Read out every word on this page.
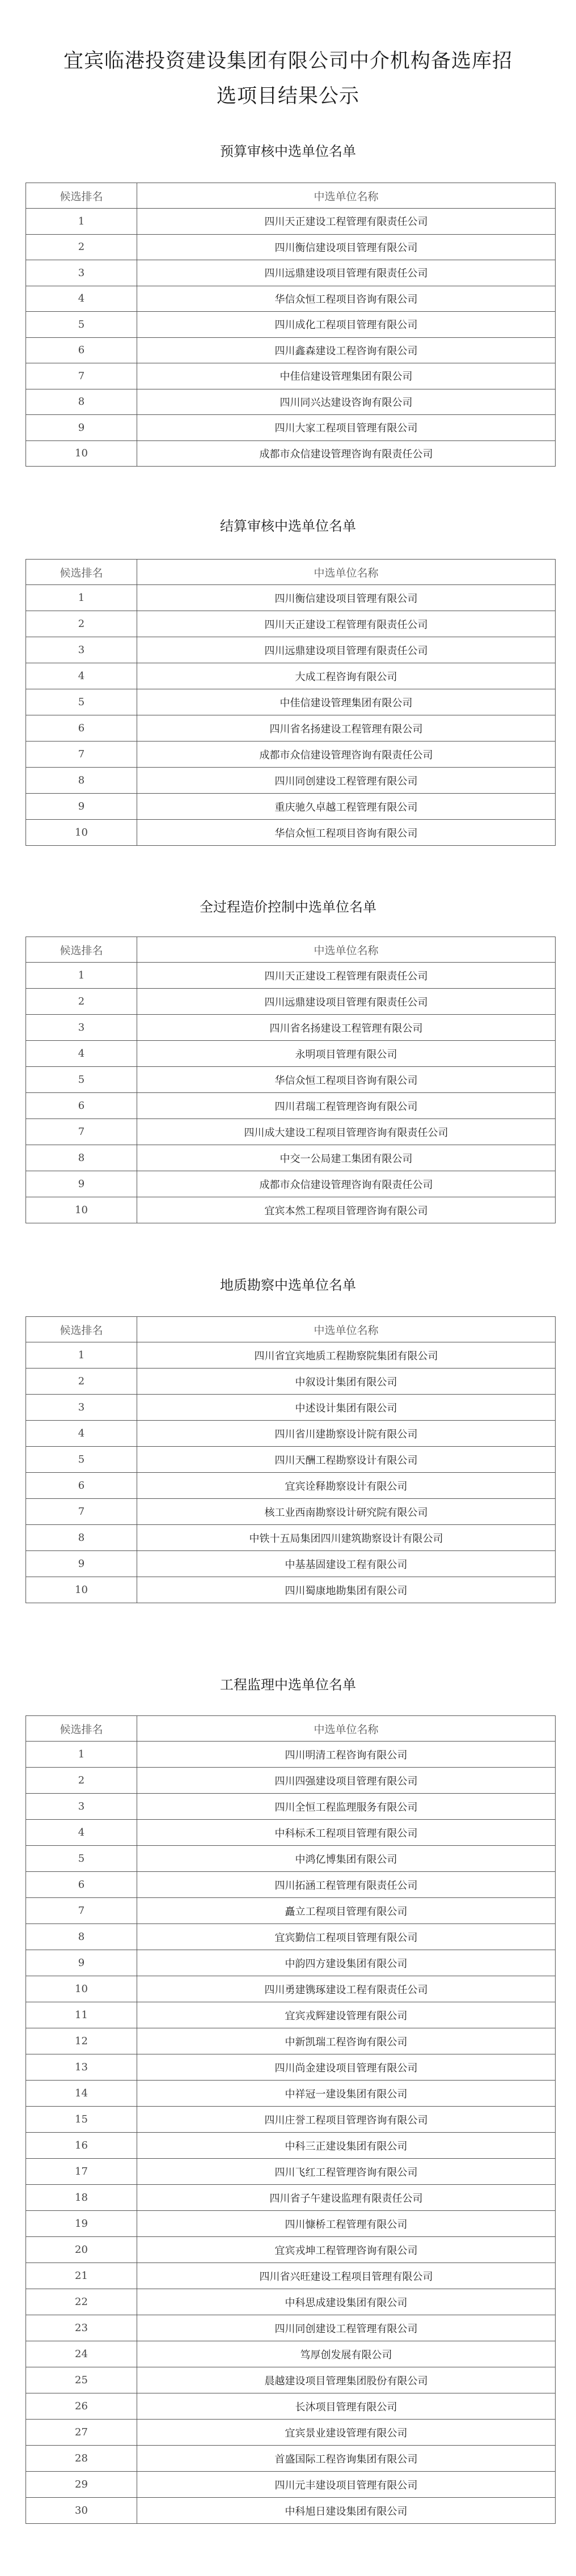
宜宾临港投资建设集团有限公司中介机构备选库招
选项目结果公示
预算审核中选单位名单
候选排名	中选单位名称
1	四川天正建设工程管理有限责任公司
2	四川衡信建设项目管理有限公司
3	四川远鼎建设项目管理有限责任公司
4	华信众恒工程项目咨询有限公司
5	四川成化工程项目管理有限公司
6	四川鑫森建设工程咨询有限公司
7	中佳信建设管理集团有限公司
8	四川同兴达建设咨询有限公司
9	四川大家工程项目管理有限公司
10	成都市众信建设管理咨询有限责任公司
结算审核中选单位名单
候选排名	中选单位名称
1	四川衡信建设项目管理有限公司
2	四川天正建设工程管理有限责任公司
3	四川远鼎建设项目管理有限责任公司
4	大成工程咨询有限公司
5	中佳信建设管理集团有限公司
6	四川省名扬建设工程管理有限公司
7	成都市众信建设管理咨询有限责任公司
8	四川同创建设工程管理有限公司
9	重庆驰久卓越工程管理有限公司
10	华信众恒工程项目咨询有限公司
全过程造价控制中选单位名单
候选排名	中选单位名称
1	四川天正建设工程管理有限责任公司
2	四川远鼎建设项目管理有限责任公司
3	四川省名扬建设工程管理有限公司
4	永明项目管理有限公司
5	华信众恒工程项目咨询有限公司
6	四川君瑞工程管理咨询有限公司
7	四川成大建设工程项目管理咨询有限责任公司
8	中交一公局建工集团有限公司
9	成都市众信建设管理咨询有限责任公司
10	宜宾本然工程项目管理咨询有限公司
地质勘察中选单位名单
候选排名	中选单位名称
1	四川省宜宾地质工程勘察院集团有限公司
2	中叙设计集团有限公司
3	中述设计集团有限公司
4	四川省川建勘察设计院有限公司
5	四川天酬工程勘察设计有限公司
6	宜宾诠释勘察设计有限公司
7	核工业西南勘察设计研究院有限公司
8	中铁十五局集团四川建筑勘察设计有限公司
9	中基基固建设工程有限公司
10	四川蜀康地勘集团有限公司
工程监理中选单位名单
候选排名	中选单位名称
1	四川明清工程咨询有限公司
2	四川四强建设项目管理有限公司
3	四川全恒工程监理服务有限公司
4	中科标禾工程项目管理有限公司
5	中鸿亿博集团有限公司
6	四川拓涵工程管理有限责任公司
7	矗立工程项目管理有限公司
8	宜宾勤信工程项目管理有限公司
9	中韵四方建设集团有限公司
10	四川勇建镌琢建设工程有限责任公司
11	宜宾戎辉建设管理有限公司
12	中新凯瑞工程咨询有限公司
13	四川尚金建设项目管理有限公司
14	中祥冠一建设集团有限公司
15	四川庄誉工程项目管理咨询有限公司
16	中科三正建设集团有限公司
17	四川飞红工程管理咨询有限公司
18	四川省子午建设监理有限责任公司
19	四川慷桥工程管理有限公司
20	宜宾戎坤工程管理咨询有限公司
21	四川省兴旺建设工程项目管理有限公司
22	中科思成建设集团有限公司
23	四川同创建设工程管理有限公司
24	笃厚创发展有限公司
25	晨越建设项目管理集团股份有限公司
26	长沐项目管理有限公司
27	宜宾景业建设管理有限公司
28	首盛国际工程咨询集团有限公司
29	四川元丰建设项目管理有限公司
30	中科旭日建设集团有限公司
